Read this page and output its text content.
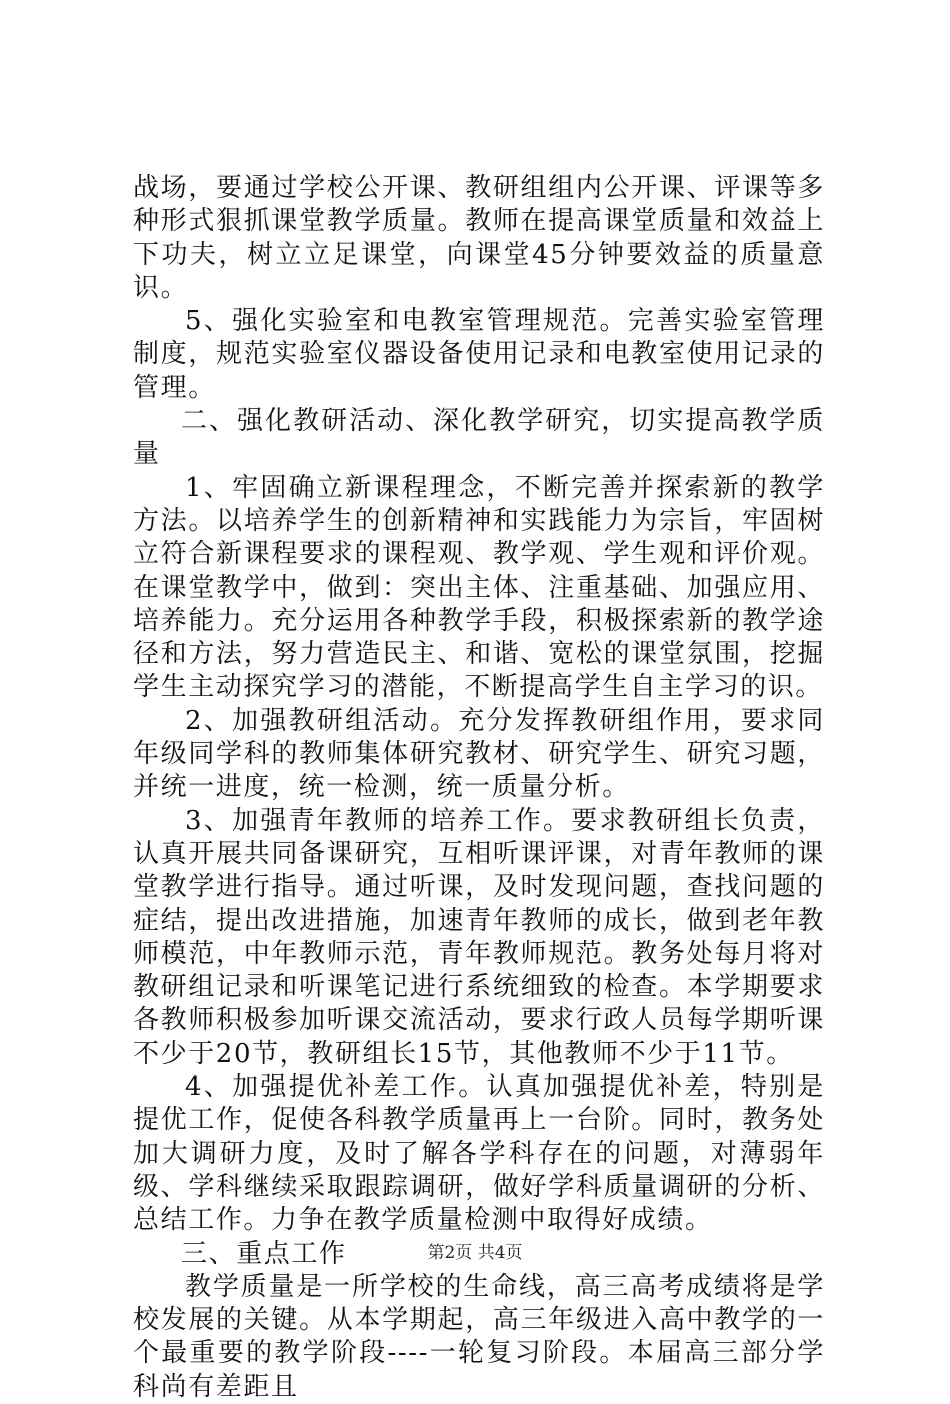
战场，要通过学校公开课、教研组组内公开课、评课等多种形式狠抓课堂教学质量。教师在提高课堂质量和效益上下功夫，树立立足课堂，向课堂45分钟要效益的质量意识。

5、强化实验室和电教室管理规范。完善实验室管理制度，规范实验室仪器设备使用记录和电教室使用记录的管理。

二、强化教研活动、深化教学研究，切实提高教学质量

1、牢固确立新课程理念，不断完善并探索新的教学方法。以培养学生的创新精神和实践能力为宗旨，牢固树立符合新课程要求的课程观、教学观、学生观和评价观。在课堂教学中，做到：突出主体、注重基础、加强应用、培养能力。充分运用各种教学手段，积极探索新的教学途径和方法，努力营造民主、和谐、宽松的课堂氛围，挖掘学生主动探究学习的潜能，不断提高学生自主学习的识。

2、加强教研组活动。充分发挥教研组作用，要求同年级同学科的教师集体研究教材、研究学生、研究习题，并统一进度，统一检测，统一质量分析。

3、加强青年教师的培养工作。要求教研组长负责，认真开展共同备课研究，互相听课评课，对青年教师的课堂教学进行指导。通过听课，及时发现问题，查找问题的症结，提出改进措施，加速青年教师的成长，做到老年教师模范，中年教师示范，青年教师规范。教务处每月将对教研组记录和听课笔记进行系统细致的检查。本学期要求各教师积极参加听课交流活动，要求行政人员每学期听课不少于20节，教研组长15节，其他教师不少于11节。

4、加强提优补差工作。认真加强提优补差，特别是提优工作，促使各科教学质量再上一台阶。同时，教务处加大调研力度，及时了解各学科存在的问题，对薄弱年级、学科继续采取跟踪调研，做好学科质量调研的分析、总结工作。力争在教学质量检测中取得好成绩。

三、重点工作

教学质量是一所学校的生命线，高三高考成绩将是学校发展的关键。从本学期起，高三年级进入高中教学的一个最重要的教学阶段----一轮复习阶段。本届高三部分学科尚有差距且

第2页 共4页
